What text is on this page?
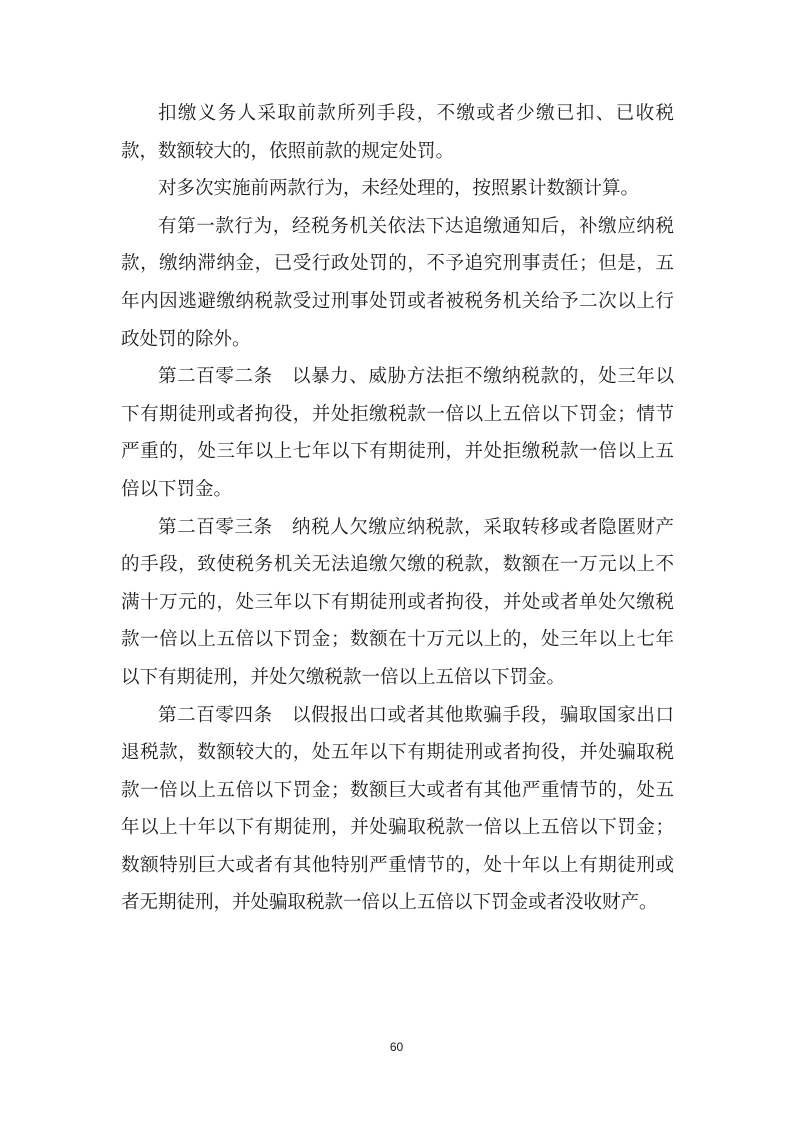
扣缴义务人采取前款所列手段，不缴或者少缴已扣、已收税款，数额较大的，依照前款的规定处罚。

对多次实施前两款行为，未经处理的，按照累计数额计算。

有第一款行为，经税务机关依法下达追缴通知后，补缴应纳税款，缴纳滞纳金，已受行政处罚的，不予追究刑事责任；但是，五年内因逃避缴纳税款受过刑事处罚或者被税务机关给予二次以上行政处罚的除外。

第二百零二条　以暴力、威胁方法拒不缴纳税款的，处三年以下有期徒刑或者拘役，并处拒缴税款一倍以上五倍以下罚金；情节严重的，处三年以上七年以下有期徒刑，并处拒缴税款一倍以上五倍以下罚金。

第二百零三条　纳税人欠缴应纳税款，采取转移或者隐匿财产的手段，致使税务机关无法追缴欠缴的税款，数额在一万元以上不满十万元的，处三年以下有期徒刑或者拘役，并处或者单处欠缴税款一倍以上五倍以下罚金；数额在十万元以上的，处三年以上七年以下有期徒刑，并处欠缴税款一倍以上五倍以下罚金。

第二百零四条　以假报出口或者其他欺骗手段，骗取国家出口退税款，数额较大的，处五年以下有期徒刑或者拘役，并处骗取税款一倍以上五倍以下罚金；数额巨大或者有其他严重情节的，处五年以上十年以下有期徒刑，并处骗取税款一倍以上五倍以下罚金；数额特别巨大或者有其他特别严重情节的，处十年以上有期徒刑或者无期徒刑，并处骗取税款一倍以上五倍以下罚金或者没收财产。

60
